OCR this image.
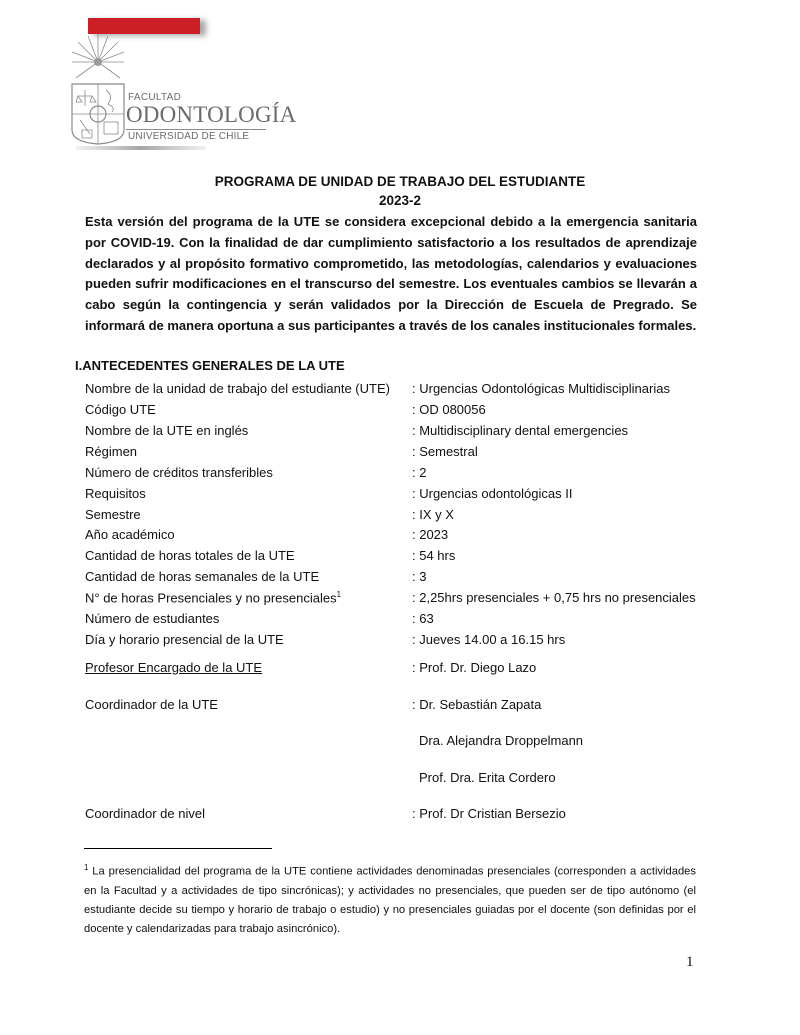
FACULTAD
ODONTOLOGÍA
UNIVERSIDAD DE CHILE
PROGRAMA DE UNIDAD DE TRABAJO DEL ESTUDIANTE
2023-2
Esta versión del programa de la UTE se considera excepcional debido a la emergencia sanitaria por COVID-19. Con la finalidad de dar cumplimiento satisfactorio a los resultados de aprendizaje declarados y al propósito formativo comprometido, las metodologías, calendarios y evaluaciones pueden sufrir modificaciones en el transcurso del semestre. Los eventuales cambios se llevarán a cabo según la contingencia y serán validados por la Dirección de Escuela de Pregrado. Se informará de manera oportuna a sus participantes a través de los canales institucionales formales.
I.ANTECEDENTES GENERALES DE LA UTE
Nombre de la unidad de trabajo del estudiante (UTE) : Urgencias Odontológicas Multidisciplinarias
Código UTE	: OD 080056
Nombre de la UTE en inglés	: Multidisciplinary dental emergencies
Régimen	: Semestral
Número de créditos transferibles	: 2
Requisitos	: Urgencias odontológicas II
Semestre	: IX y X
Año académico	: 2023
Cantidad de horas totales de la UTE	: 54 hrs
Cantidad de horas semanales de la UTE	: 3
N° de horas Presenciales y no presenciales$^1$	: 2,25hrs presenciales + 0,75 hrs no presenciales
Número de estudiantes	: 63
Día y horario presencial de la UTE	: Jueves 14.00 a 16.15 hrs
Profesor Encargado de la UTE	: Prof. Dr. Diego Lazo
Coordinador de la UTE	: Dr. Sebastián Zapata
Dra. Alejandra Droppelmann
Prof. Dra. Erita Cordero
Coordinador de nivel	: Prof. Dr Cristian Bersezio
$^1$ La presencialidad del programa de la UTE contiene actividades denominadas presenciales (corresponden a actividades en la Facultad y a actividades de tipo sincrónicas); y actividades no presenciales, que pueden ser de tipo autónomo (el estudiante decide su tiempo y horario de trabajo o estudio) y no presenciales guiadas por el docente (son definidas por el docente y calendarizadas para trabajo asincrónico).
1
